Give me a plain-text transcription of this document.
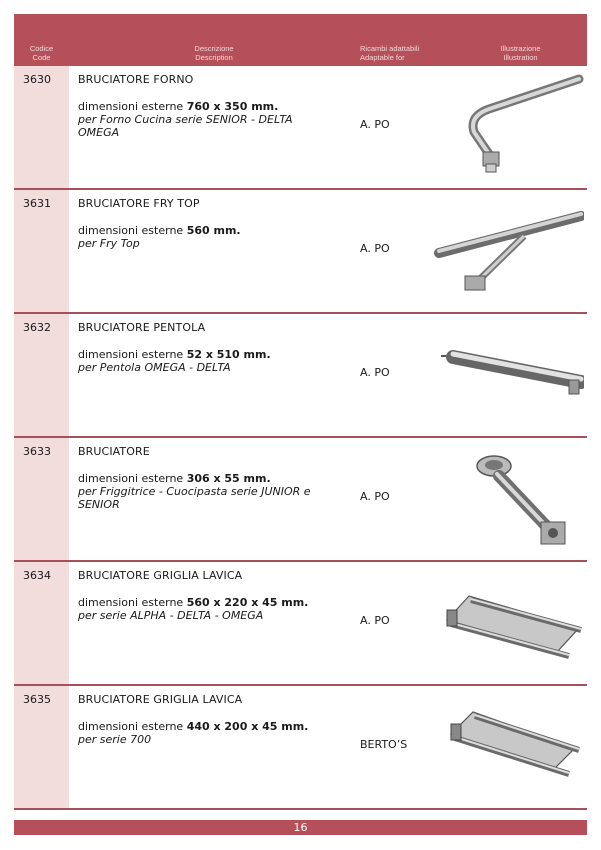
Codice
Code
Descrizione
Description
Ricambi adattabili
Adaptable for
Illustrazione
Illustration
3630 BRUCIATORE FORNO
dimensioni esterne 760 x 350 mm.
per Forno Cucina serie SENIOR - DELTA OMEGA
A. PO
3631 BRUCIATORE FRY TOP
dimensioni esterne 560 mm.
per Fry Top	A. PO
3632 BRUCIATORE PENTOLA
dimensioni esterne 52 x 510 mm.
per Pentola OMEGA - DELTA	A. PO
3633 BRUCIATORE
dimensioni esterne 306 x 55 mm.
per Friggitrice - Cuocipasta serie JUNIOR e SENIOR
A. PO
3634 BRUCIATORE GRIGLIA LAVICA
dimensioni esterne 560 x 220 x 45 mm.
per serie ALPHA - DELTA - OMEGA	A. PO
3635 BRUCIATORE GRIGLIA LAVICA
dimensioni esterne 440 x 200 x 45 mm.
per serie 700	BERTO’S
16
